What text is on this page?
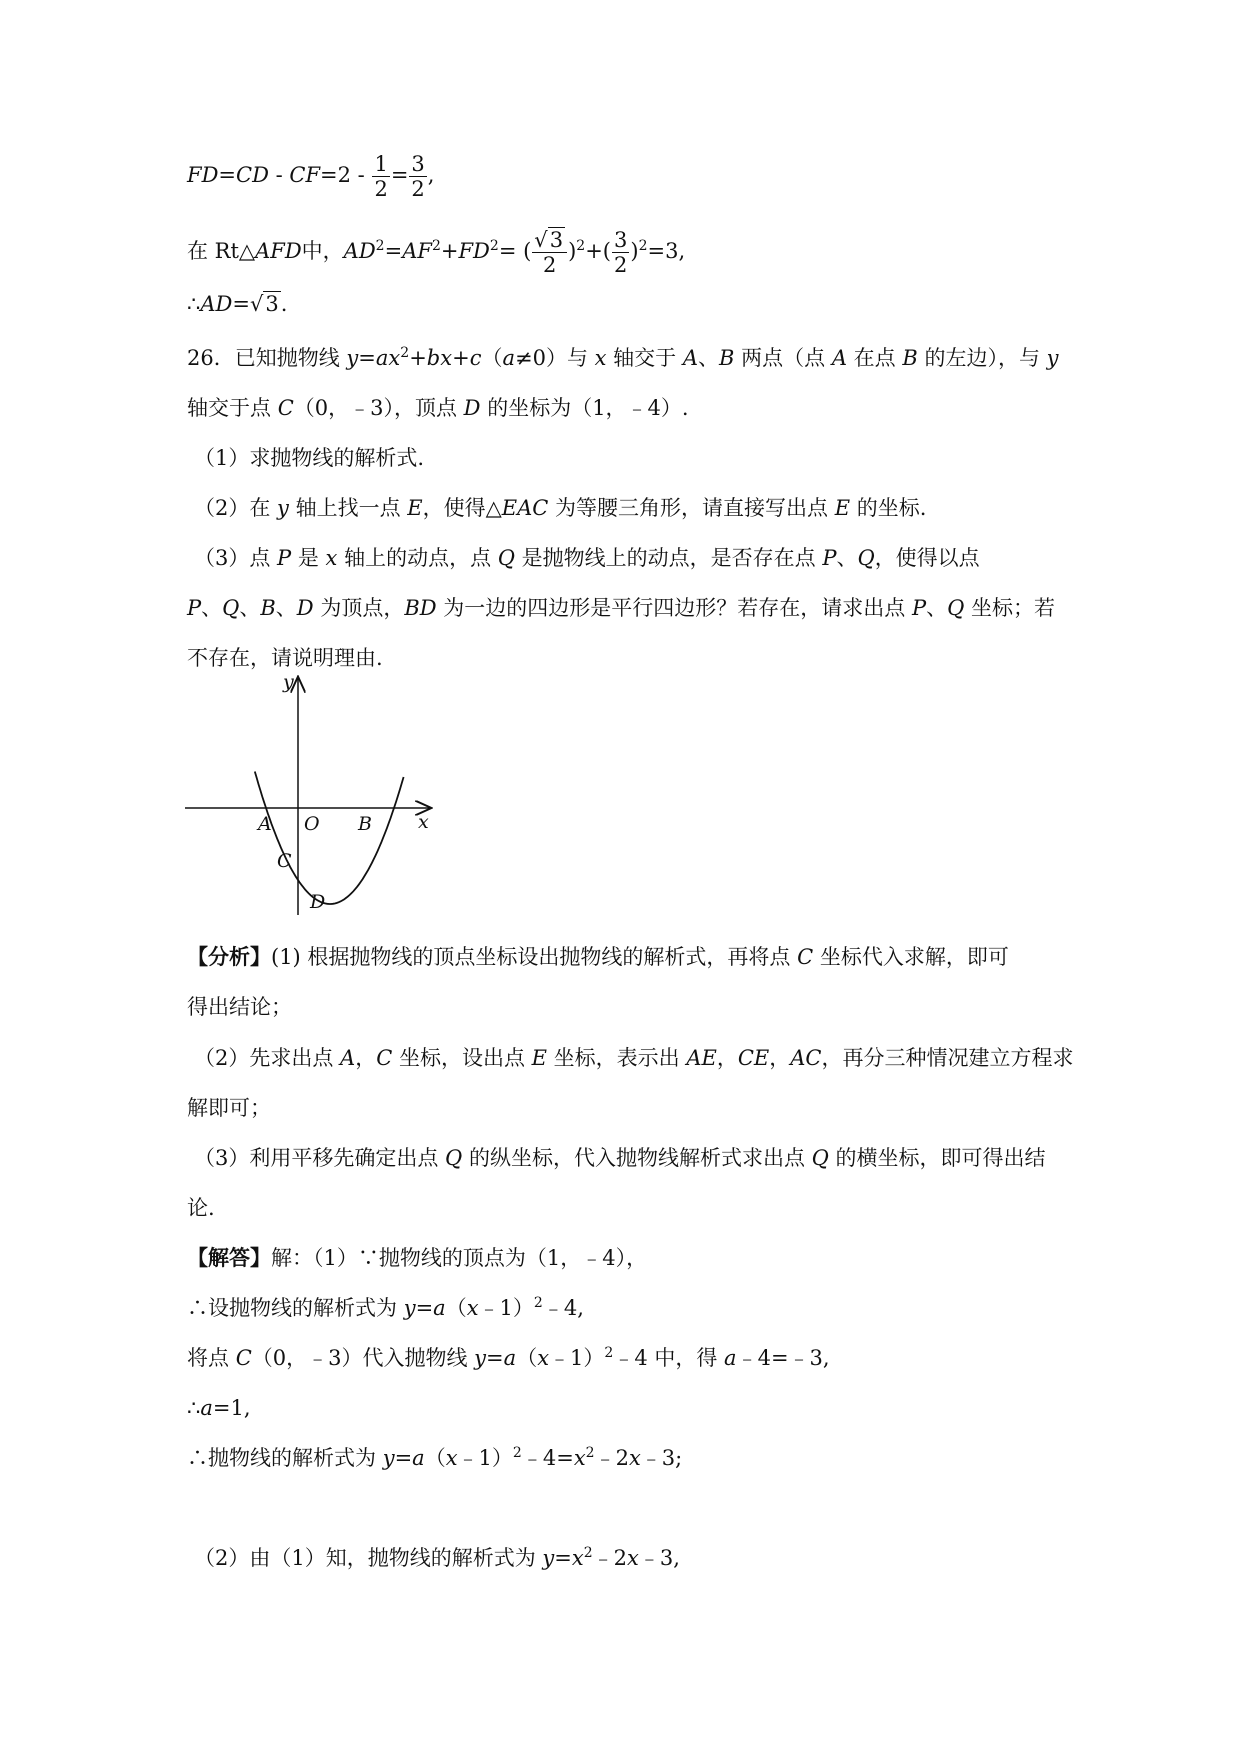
$FD=CD - CF=2 - \frac{1}{2} = \frac{3}{2}$ ,
在 Rt△AFD中，$AD^2=AF^2+FD^2=$ ( $\frac{√3}{2} )^2+( \frac{3}{2} )^2=3$,
∴AD=√3.
26．已知抛物线 $y=ax^2+bx+c(a\ne 0)$与 x 轴交于 A、B 两点（点 A 在点 B 的左边），与 y
轴交于点 C（0，﹣3），顶点 D 的坐标为（1，﹣4）.
（1）求抛物线的解析式.
（2）在 y 轴上找一点 E，使得△EAC 为等腰三角形，请直接写出点 E 的坐标.
（3）点 P 是 x 轴上的动点，点 Q 是抛物线上的动点，是否存在点 P、Q，使得以点
P、Q、B、D 为顶点，BD 为一边的四边形是平行四边形？若存在，请求出点 P、Q 坐标；若
不存在，请说明理由.
y
x
A O B
C
D
【分析】(1) 根据抛物线的顶点坐标设出抛物线的解析式，再将点 C 坐标代入求解，即可
得出结论；
（2）先求出点 A，C 坐标，设出点 E 坐标，表示出 AE，CE，AC，再分三种情况建立方程求
解即可；
（3）利用平移先确定出点 Q 的纵坐标，代入抛物线解析式求出点 Q 的横坐标，即可得出结
论.
【解答】解：（1）∵抛物线的顶点为（1，﹣4），
∴设抛物线的解析式为 y=a（x﹣1）$^2$﹣4,
将点 C（0，﹣3）代入抛物线 y=a（x﹣1）$^2$﹣4 中，得 a﹣4=﹣3,
∴a=1,
∴抛物线的解析式为 $y=a(x﹣1)^2﹣4=x^2﹣2x﹣3$;
（2）由（1）知，抛物线的解析式为 $y=x^2﹣2x﹣3$,
